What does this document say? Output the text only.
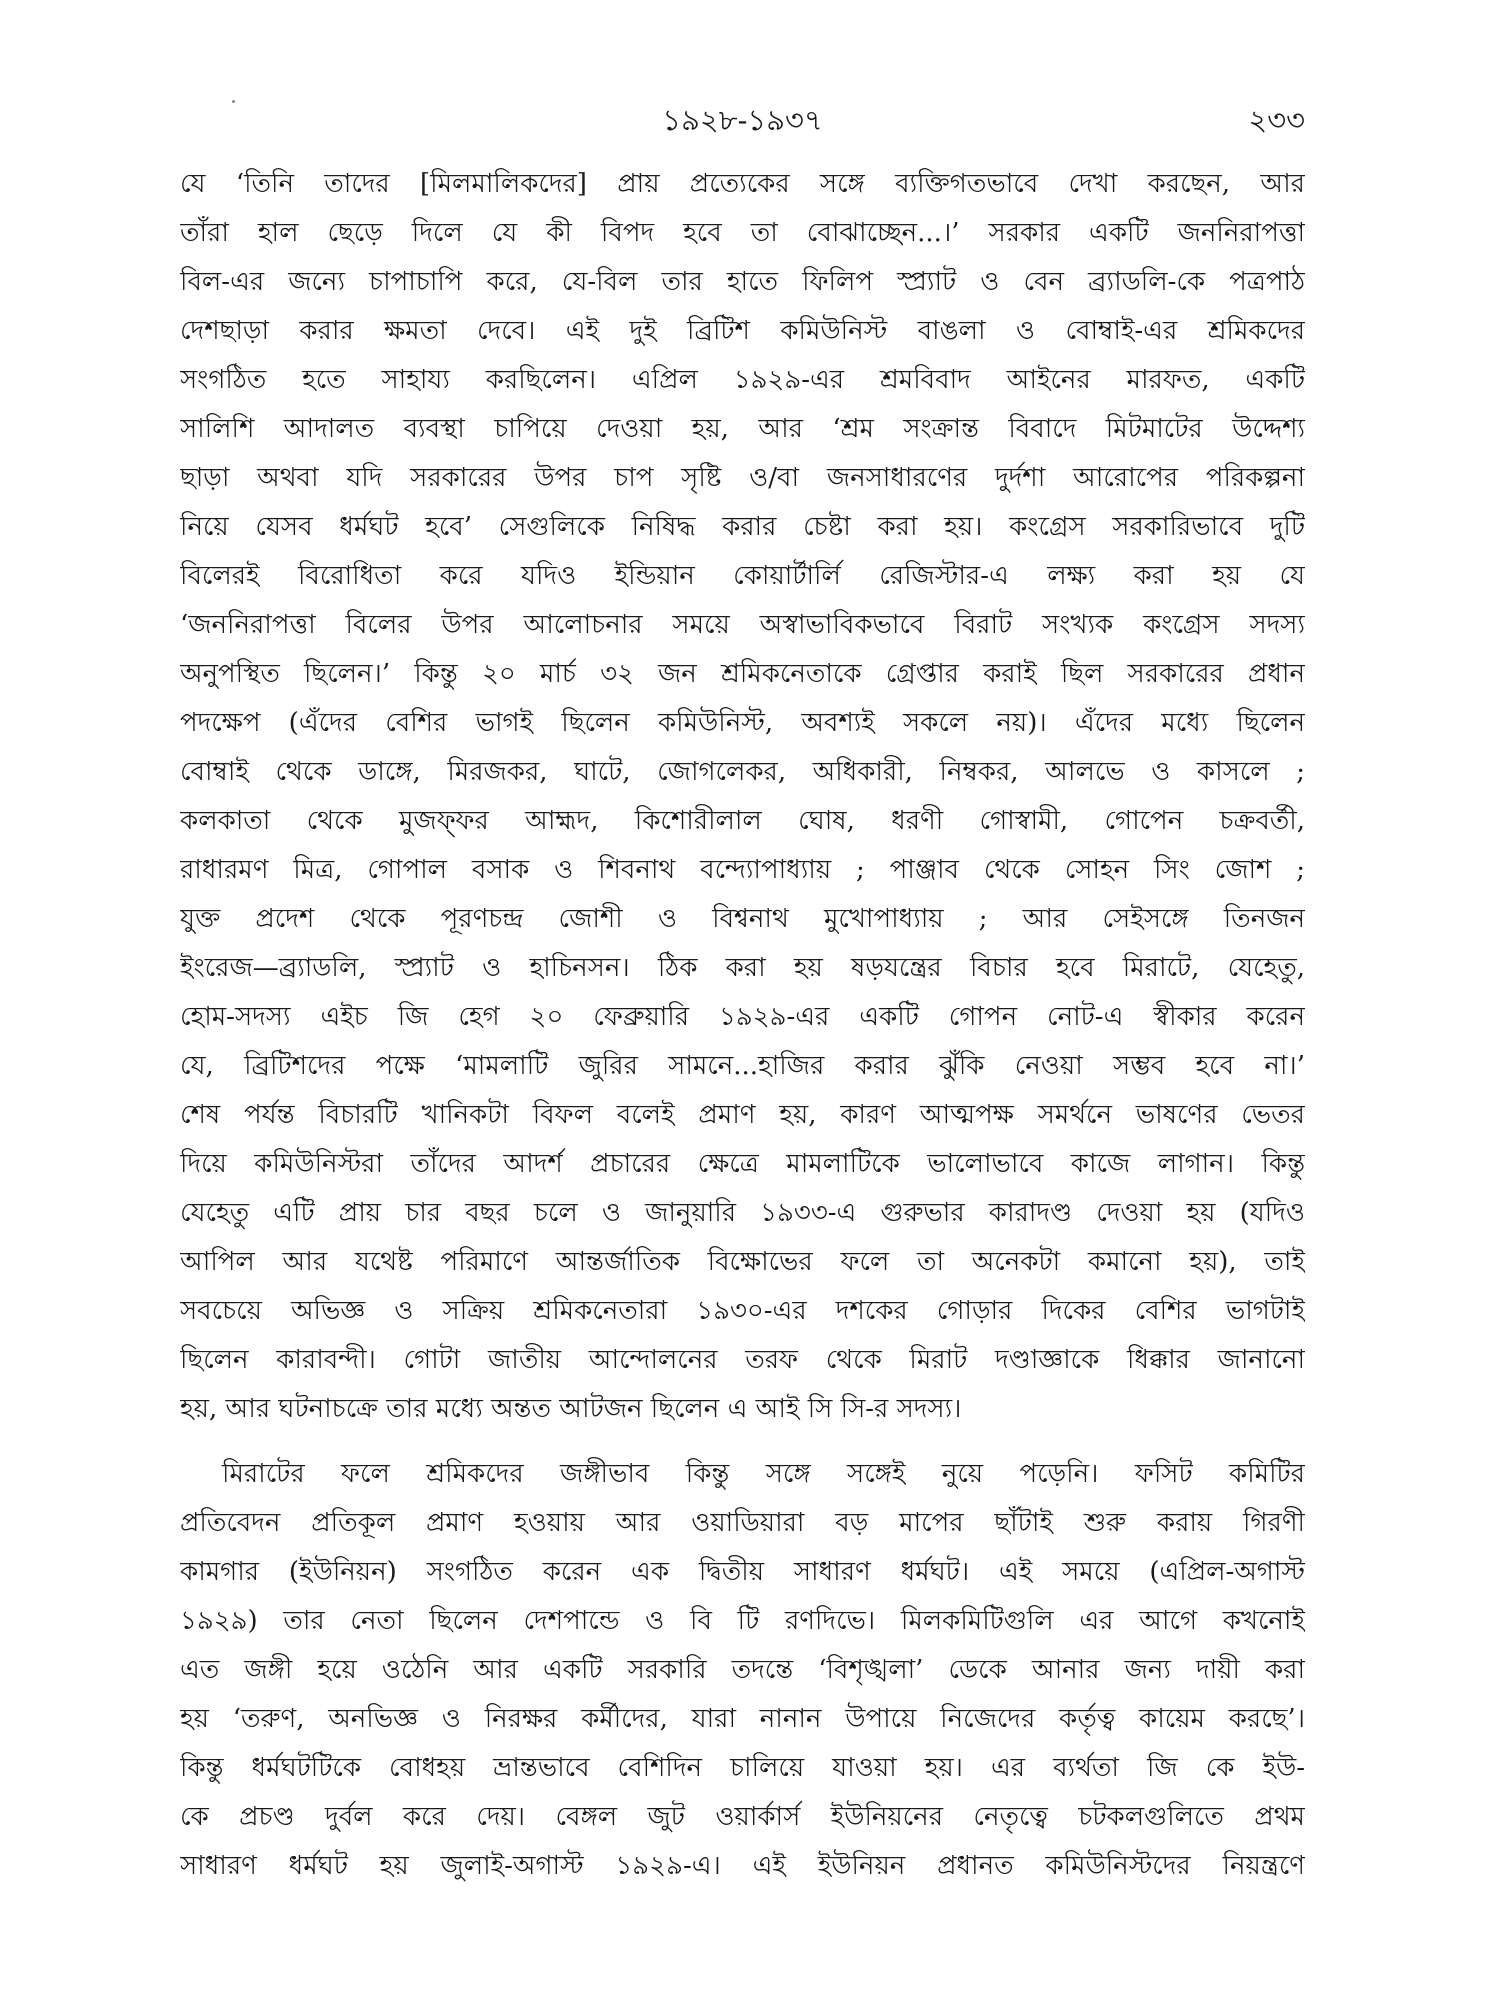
১৯২৮-১৯৩৭	২৩৩
যে ‘তিনি তাদের [মিলমালিকদের] প্রায় প্রত্যেকের সঙ্গে ব্যক্তিগতভাবে দেখা করছেন, আর
তাঁরা হাল ছেড়ে দিলে যে কী বিপদ হবে তা বোঝাচ্ছেন...।’ সরকার একটি জননিরাপত্তা
বিল-এর জন্যে চাপাচাপি করে, যে-বিল তার হাতে ফিলিপ স্প্র্যাট ও বেন ব্র্যাডলি-কে পত্রপাঠ
দেশছাড়া করার ক্ষমতা দেবে। এই দুই ব্রিটিশ কমিউনিস্ট বাঙলা ও বোম্বাই-এর শ্রমিকদের
সংগঠিত হতে সাহায্য করছিলেন। এপ্রিল ১৯২৯-এর শ্রমবিবাদ আইনের মারফত, একটি
সালিশি আদালত ব্যবস্থা চাপিয়ে দেওয়া হয়, আর ‘শ্রম সংক্রান্ত বিবাদে মিটমাটের উদ্দেশ্য
ছাড়া অথবা যদি সরকারের উপর চাপ সৃষ্টি ও/বা জনসাধারণের দুর্দশা আরোপের পরিকল্পনা
নিয়ে যেসব ধর্মঘট হবে’ সেগুলিকে নিষিদ্ধ করার চেষ্টা করা হয়। কংগ্রেস সরকারিভাবে দুটি
বিলেরই বিরোধিতা করে যদিও ইন্ডিয়ান কোয়ার্টার্লি রেজিস্টার-এ লক্ষ্য করা হয় যে
‘জননিরাপত্তা বিলের উপর আলোচনার সময়ে অস্বাভাবিকভাবে বিরাট সংখ্যক কংগ্রেস সদস্য
অনুপস্থিত ছিলেন।’ কিন্তু ২০ মার্চ ৩২ জন শ্রমিকনেতাকে গ্রেপ্তার করাই ছিল সরকারের প্রধান
পদক্ষেপ (এঁদের বেশির ভাগই ছিলেন কমিউনিস্ট, অবশ্যই সকলে নয়)। এঁদের মধ্যে ছিলেন
বোম্বাই থেকে ডাঙ্গে, মিরজকর, ঘাটে, জোগলেকর, অধিকারী, নিম্বকর, আলভে ও কাসলে ;
কলকাতা থেকে মুজফ্ফর আহ্মদ, কিশোরীলাল ঘোষ, ধরণী গোস্বামী, গোপেন চক্রবর্তী,
রাধারমণ মিত্র, গোপাল বসাক ও শিবনাথ বন্দ্যোপাধ্যায় ; পাঞ্জাব থেকে সোহন সিং জোশ ;
যুক্ত প্রদেশ থেকে পূরণচন্দ্র জোশী ও বিশ্বনাথ মুখোপাধ্যায় ; আর সেইসঙ্গে তিনজন
ইংরেজ—ব্র্যাডলি, স্প্র্যাট ও হাচিনসন। ঠিক করা হয় ষড়যন্ত্রের বিচার হবে মিরাটে, যেহেতু,
হোম-সদস্য এইচ জি হেগ ২০ ফেব্রুয়ারি ১৯২৯-এর একটি গোপন নোট-এ স্বীকার করেন
যে, ব্রিটিশদের পক্ষে ‘মামলাটি জুরির সামনে...হাজির করার ঝুঁকি নেওয়া সম্ভব হবে না।’
শেষ পর্যন্ত বিচারটি খানিকটা বিফল বলেই প্রমাণ হয়, কারণ আত্মপক্ষ সমর্থনে ভাষণের ভেতর
দিয়ে কমিউনিস্টরা তাঁদের আদর্শ প্রচারের ক্ষেত্রে মামলাটিকে ভালোভাবে কাজে লাগান। কিন্তু
যেহেতু এটি প্রায় চার বছর চলে ও জানুয়ারি ১৯৩৩-এ গুরুভার কারাদণ্ড দেওয়া হয় (যদিও
আপিল আর যথেষ্ট পরিমাণে আন্তর্জাতিক বিক্ষোভের ফলে তা অনেকটা কমানো হয়), তাই
সবচেয়ে অভিজ্ঞ ও সক্রিয় শ্রমিকনেতারা ১৯৩০-এর দশকের গোড়ার দিকের বেশির ভাগটাই
ছিলেন কারাবন্দী। গোটা জাতীয় আন্দোলনের তরফ থেকে মিরাট দণ্ডাজ্ঞাকে ধিক্কার জানানো
হয়, আর ঘটনাচক্রে তার মধ্যে অন্তত আটজন ছিলেন এ আই সি সি-র সদস্য।
মিরাটের ফলে শ্রমিকদের জঙ্গীভাব কিন্তু সঙ্গে সঙ্গেই নুয়ে পড়েনি। ফসিট কমিটির
প্রতিবেদন প্রতিকূল প্রমাণ হওয়ায় আর ওয়াডিয়ারা বড় মাপের ছাঁটাই শুরু করায় গিরণী
কামগার (ইউনিয়ন) সংগঠিত করেন এক দ্বিতীয় সাধারণ ধর্মঘট। এই সময়ে (এপ্রিল-অগাস্ট
১৯২৯) তার নেতা ছিলেন দেশপান্ডে ও বি টি রণদিভে। মিলকমিটিগুলি এর আগে কখনোই
এত জঙ্গী হয়ে ওঠেনি আর একটি সরকারি তদন্তে ‘বিশৃঙ্খলা’ ডেকে আনার জন্য দায়ী করা
হয় ‘তরুণ, অনভিজ্ঞ ও নিরক্ষর কর্মীদের, যারা নানান উপায়ে নিজেদের কর্তৃত্ব কায়েম করছে’।
কিন্তু ধর্মঘটটিকে বোধহয় ভ্রান্তভাবে বেশিদিন চালিয়ে যাওয়া হয়। এর ব্যর্থতা জি কে ইউ-
কে প্রচণ্ড দুর্বল করে দেয়। বেঙ্গল জুট ওয়ার্কার্স ইউনিয়নের নেতৃত্বে চটকলগুলিতে প্রথম
সাধারণ ধর্মঘট হয় জুলাই-অগাস্ট ১৯২৯-এ। এই ইউনিয়ন প্রধানত কমিউনিস্টদের নিয়ন্ত্রণে
